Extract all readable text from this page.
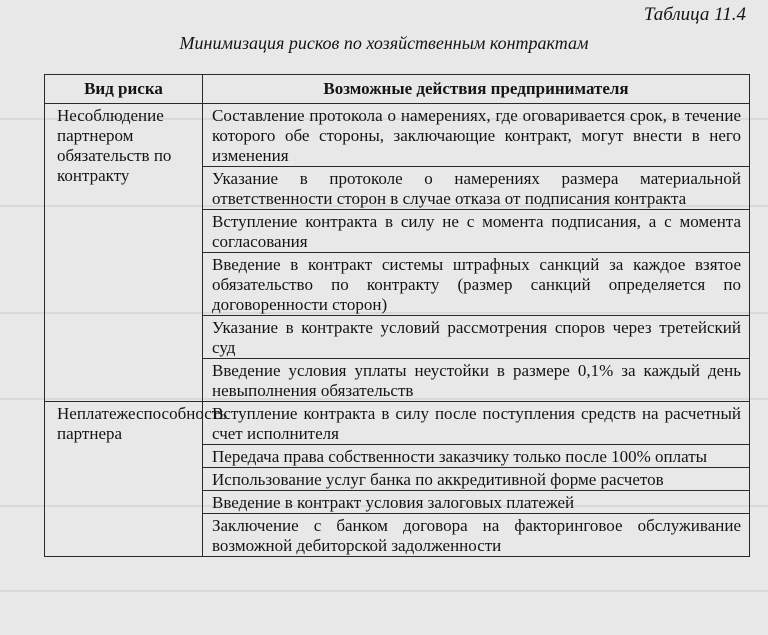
Таблица 11.4
Минимизация рисков по хозяйственным контрактам
Вид риска	Возможные действия предпринимателя
Несоблюдение партнером обязательств по контракту	Составление протокола о намерениях, где оговаривается срок, в течение которого обе стороны, заключающие контракт, могут внести в него изменения
	Указание в протоколе о намерениях размера материальной ответственности сторон в случае отказа от подписания контракта
	Вступление контракта в силу не с момента подписания, а с момента согласования
	Введение в контракт системы штрафных санкций за каждое взятое обязательство по контракту (размер санкций определяется по договоренности сторон)
	Указание в контракте условий рассмотрения споров через третейский суд
	Введение условия уплаты неустойки в размере 0,1% за каждый день невыполнения обязательств
Неплатежеспособность партнера	Вступление контракта в силу после поступления средств на расчетный счет исполнителя
	Передача права собственности заказчику только после 100% оплаты
	Использование услуг банка по аккредитивной форме расчетов
	Введение в контракт условия залоговых платежей
	Заключение с банком договора на факторинговое обслуживание возможной дебиторской задолженности
